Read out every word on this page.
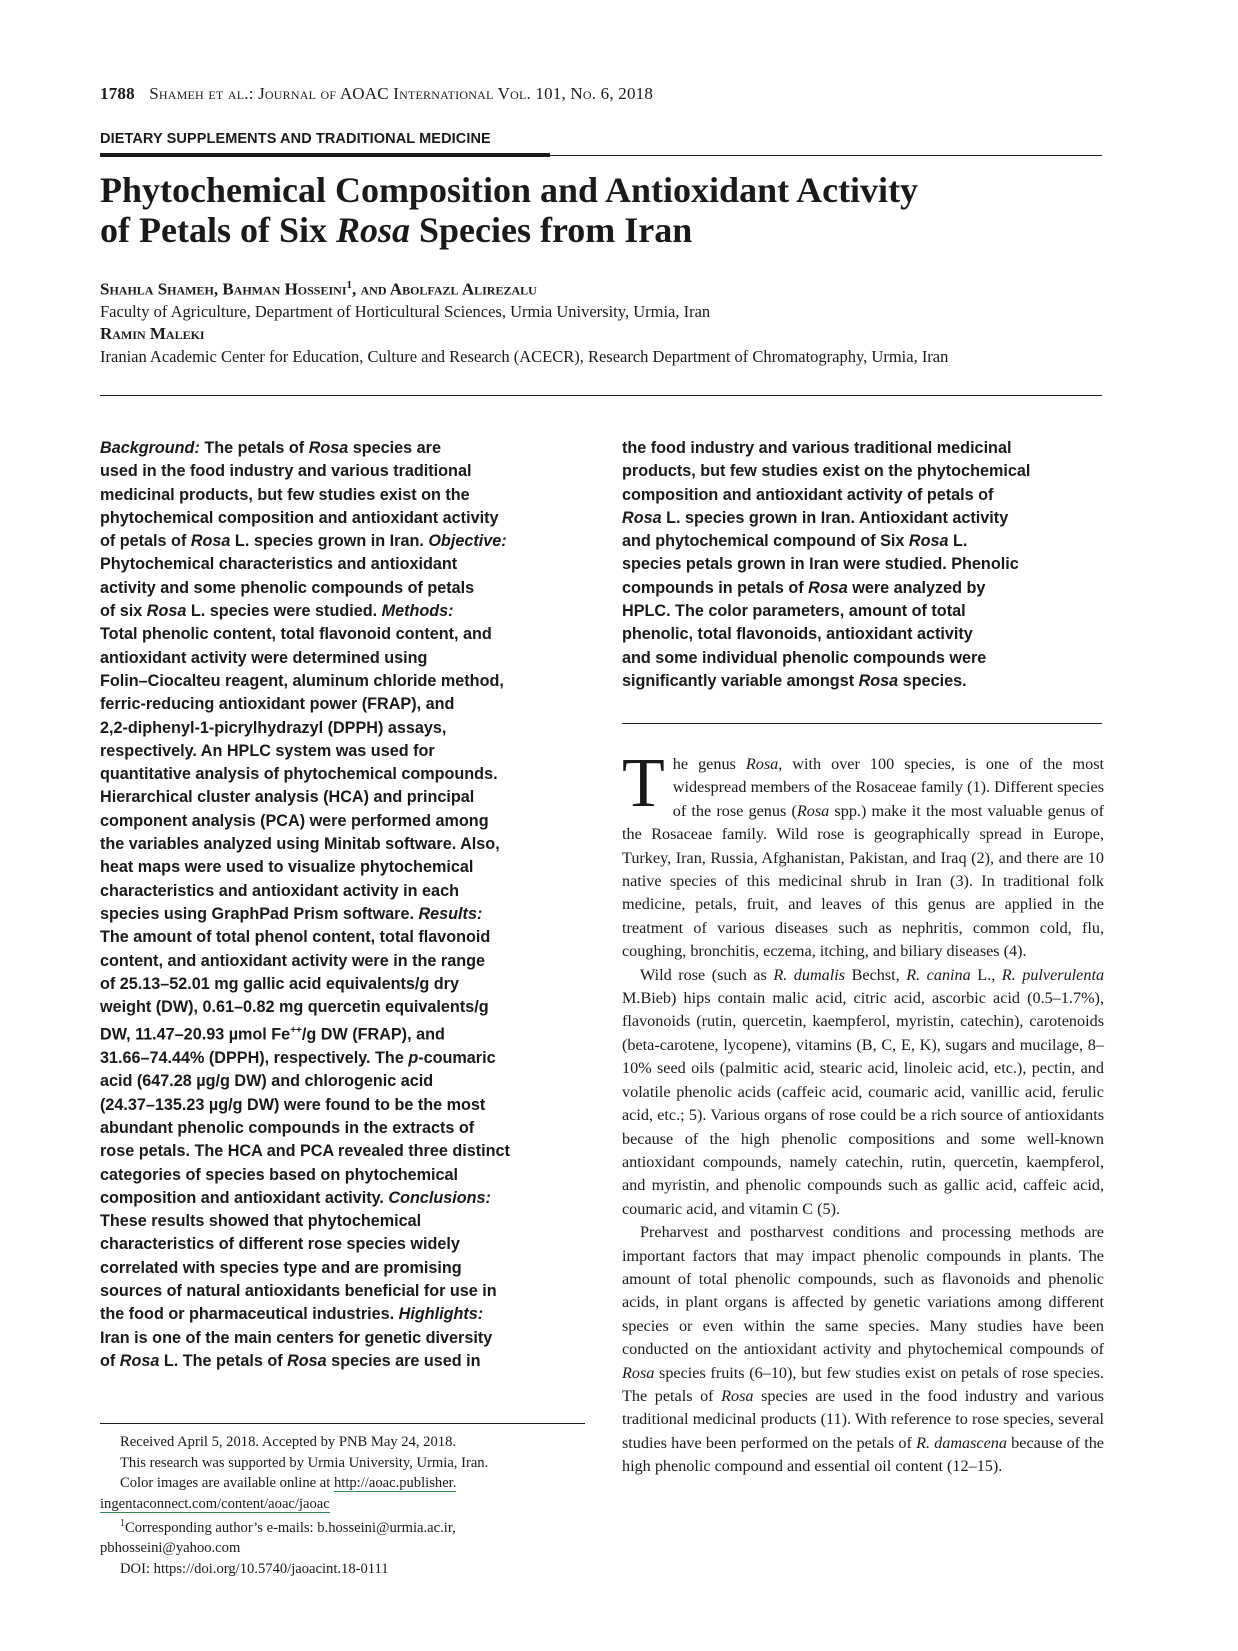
1788 Shameh et al.: Journal of AOAC International Vol. 101, No. 6, 2018
DIETARY SUPPLEMENTS AND TRADITIONAL MEDICINE
Phytochemical Composition and Antioxidant Activity
of Petals of Six Rosa Species from Iran
Shahla Shameh, Bahman Hosseini$^1$, and Abolfazl Alirezalu
Faculty of Agriculture, Department of Horticultural Sciences, Urmia University, Urmia, Iran
Ramin Maleki
Iranian Academic Center for Education, Culture and Research (ACECR), Research Department of Chromatography, Urmia, Iran
Background: The petals of Rosa species are
used in the food industry and various traditional
medicinal products, but few studies exist on the
phytochemical composition and antioxidant activity
of petals of Rosa L. species grown in Iran. Objective:
Phytochemical characteristics and antioxidant
activity and some phenolic compounds of petals
of six Rosa L. species were studied. Methods:
Total phenolic content, total flavonoid content, and
antioxidant activity were determined using
Folin–Ciocalteu reagent, aluminum chloride method,
ferric-reducing antioxidant power (FRAP), and
2,2-diphenyl-1-picrylhydrazyl (DPPH) assays,
respectively. An HPLC system was used for
quantitative analysis of phytochemical compounds.
Hierarchical cluster analysis (HCA) and principal
component analysis (PCA) were performed among
the variables analyzed using Minitab software. Also,
heat maps were used to visualize phytochemical
characteristics and antioxidant activity in each
species using GraphPad Prism software. Results:
The amount of total phenol content, total flavonoid
content, and antioxidant activity were in the range
of 25.13–52.01 mg gallic acid equivalents/g dry
weight (DW), 0.61–0.82 mg quercetin equivalents/g
DW, 11.47–20.93 µmol Fe++/g DW (FRAP), and
31.66–74.44% (DPPH), respectively. The p-coumaric
acid (647.28 µg/g DW) and chlorogenic acid
(24.37–135.23 µg/g DW) were found to be the most
abundant phenolic compounds in the extracts of
rose petals. The HCA and PCA revealed three distinct
categories of species based on phytochemical
composition and antioxidant activity. Conclusions:
These results showed that phytochemical
characteristics of different rose species widely
correlated with species type and are promising
sources of natural antioxidants beneficial for use in
the food or pharmaceutical industries. Highlights:
Iran is one of the main centers for genetic diversity
of Rosa L. The petals of Rosa species are used in
the food industry and various traditional medicinal
products, but few studies exist on the phytochemical
composition and antioxidant activity of petals of
Rosa L. species grown in Iran. Antioxidant activity
and phytochemical compound of Six Rosa L.
species petals grown in Iran were studied. Phenolic
compounds in petals of Rosa were analyzed by
HPLC. The color parameters, amount of total
phenolic, total flavonoids, antioxidant activity
and some individual phenolic compounds were
significantly variable amongst Rosa species.

The genus Rosa, with over 100 species, is one of the most widespread members of the Rosaceae family (1). Different species of the rose genus (Rosa spp.) make it the most valuable genus of the Rosaceae family. Wild rose is geographically spread in Europe, Turkey, Iran, Russia, Afghanistan, Pakistan, and Iraq (2), and there are 10 native species of this medicinal shrub in Iran (3). In traditional folk medicine, petals, fruit, and leaves of this genus are applied in the treatment of various diseases such as nephritis, common cold, flu, coughing, bronchitis, eczema, itching, and biliary diseases (4).

Wild rose (such as R. dumalis Bechst, R. canina L., R. pulverulenta M.Bieb) hips contain malic acid, citric acid, ascorbic acid (0.5–1.7%), flavonoids (rutin, quercetin, kaempferol, myristin, catechin), carotenoids (beta-carotene, lycopene), vitamins (B, C, E, K), sugars and mucilage, 8–10% seed oils (palmitic acid, stearic acid, linoleic acid, etc.), pectin, and volatile phenolic acids (caffeic acid, coumaric acid, vanillic acid, ferulic acid, etc.; 5). Various organs of rose could be a rich source of antioxidants because of the high phenolic compositions and some well-known antioxidant compounds, namely catechin, rutin, quercetin, kaempferol, and myristin, and phenolic compounds such as gallic acid, caffeic acid, coumaric acid, and vitamin C (5).

Preharvest and postharvest conditions and processing methods are important factors that may impact phenolic compounds in plants. The amount of total phenolic compounds, such as flavonoids and phenolic acids, in plant organs is affected by genetic variations among different species or even within the same species. Many studies have been conducted on the antioxidant activity and phytochemical compounds of Rosa species fruits (6–10), but few studies exist on petals of rose species. The petals of Rosa species are used in the food industry and various traditional medicinal products (11). With reference to rose species, several studies have been performed on the petals of R. damascena because of the high phenolic compound and essential oil content (12–15).

Received April 5, 2018. Accepted by PNB May 24, 2018.
This research was supported by Urmia University, Urmia, Iran.
Color images are available online at http://aoac.publisher.
ingentaconnect.com/content/aoac/jaoac
$^1$Corresponding author’s e-mails: b.hosseini@urmia.ac.ir,
pbhosseini@yahoo.com
DOI: https://doi.org/10.5740/jaoacint.18-0111
